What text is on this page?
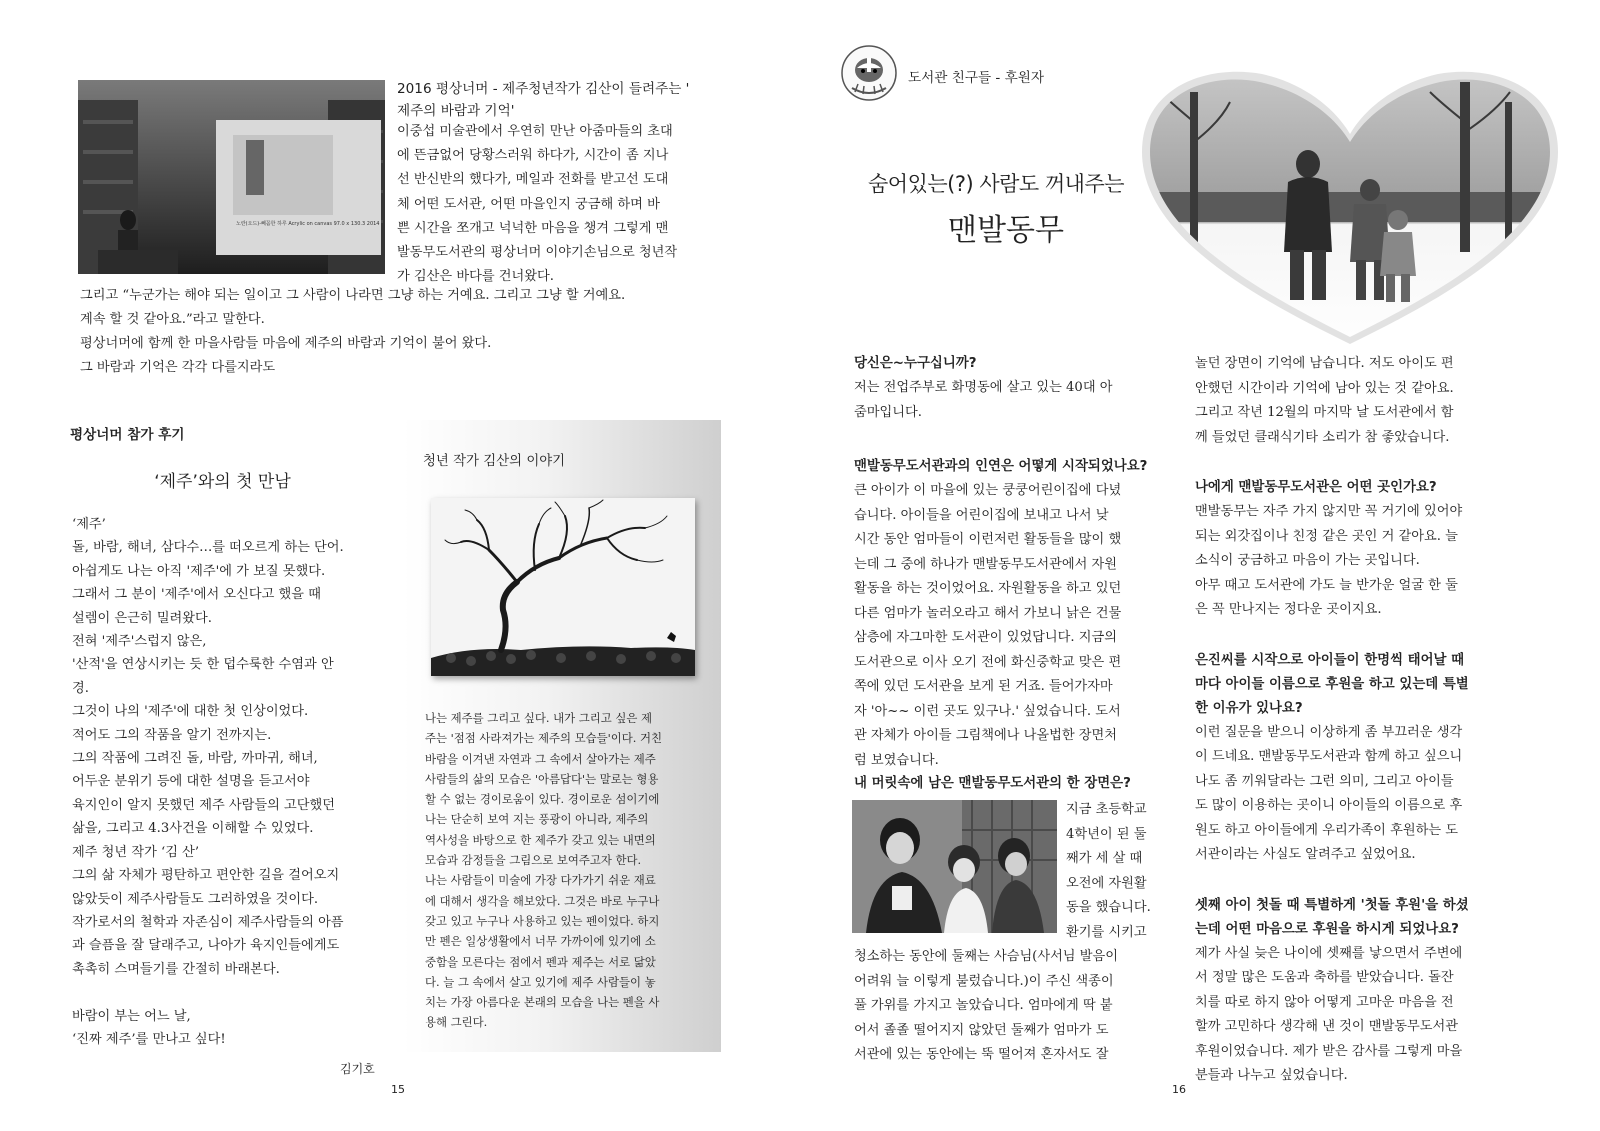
노란(오드)-빼꼼한 하루 Acrylic on canvas 97.0 x 130.3 2014

2016 평상너머 - 제주청년작가 김산이 들려주는 '

제주의 바람과 기억'

이중섭 미술관에서 우연히 만난 아줌마들의 초대

에 뜬금없어 당황스러워 하다가, 시간이 좀 지나

선 반신반의 했다가, 메일과 전화를 받고선 도대

체 어떤 도서관, 어떤 마을인지 궁금해 하며 바

쁜 시간을 쪼개고 넉넉한 마음을 챙겨 그렇게 맨

발동무도서관의 평상너머 이야기손님으로 청년작

가 김산은 바다를 건너왔다.

그리고 “누군가는 해야 되는 일이고 그 사람이 나라면 그냥 하는 거예요. 그리고 그냥 할 거예요.

계속 할 것 같아요.”라고 말한다.

평상너머에 함께 한 마을사람들 마음에 제주의 바람과 기억이 불어 왔다.

그 바람과 기억은 각각 다를지라도

평상너머 참가 후기
‘제주’와의 첫 만남

‘제주’

돌, 바람, 해녀, 삼다수…를 떠오르게 하는 단어.

아쉽게도 나는 아직 '제주'에 가 보질 못했다.

그래서 그 분이 '제주'에서 오신다고 했을 때

설렘이 은근히 밀려왔다.

전혀 '제주'스럽지 않은,

'산적'을 연상시키는 듯 한 덥수룩한 수염과 안

경.

그것이 나의 '제주'에 대한 첫 인상이었다.

적어도 그의 작품을 알기 전까지는.

그의 작품에 그려진 돌, 바람, 까마귀, 해녀,

어두운 분위기 등에 대한 설명을 듣고서야

육지인이 알지 못했던 제주 사람들의 고단했던

삶을, 그리고 4.3사건을 이해할 수 있었다.

제주 청년 작가 ‘김 산’

그의 삶 자체가 평탄하고 편안한 길을 걸어오지

않았듯이 제주사람들도 그러하였을 것이다.

작가로서의 철학과 자존심이 제주사람들의 아픔

과 슬픔을 잘 달래주고, 나아가 육지인들에게도

촉촉히 스며들기를 간절히 바래본다.

바람이 부는 어느 날,

‘진짜 제주’를 만나고 싶다!

김기호
청년 작가 김산의 이야기

나는 제주를 그리고 싶다. 내가 그리고 싶은 제

주는 '점점 사라져가는 제주의 모습들'이다. 거친

바람을 이겨낸 자연과 그 속에서 살아가는 제주

사람들의 삶의 모습은 '아름답다'는 말로는 형용

할 수 없는 경이로움이 있다. 경이로운 섬이기에

나는 단순히 보여 지는 풍광이 아니라, 제주의

역사성을 바탕으로 한 제주가 갖고 있는 내면의

모습과 감정들을 그림으로 보여주고자 한다.

나는 사람들이 미술에 가장 다가가기 쉬운 재료

에 대해서 생각을 해보았다. 그것은 바로 누구나

갖고 있고 누구나 사용하고 있는 펜이었다. 하지

만 펜은 일상생활에서 너무 가까이에 있기에 소

중함을 모른다는 점에서 펜과 제주는 서로 닮았

다. 늘 그 속에서 살고 있기에 제주 사람들이 놓

치는 가장 아름다운 본래의 모습을 나는 펜을 사

용해 그린다.

15
도서관 친구들 - 후원자
숨어있는(?) 사람도 꺼내주는
맨발동무

당신은~누구십니까?

저는 전업주부로 화명동에 살고 있는 40대 아

줌마입니다.

맨발동무도서관과의 인연은 어떻게 시작되었나요?

큰 아이가 이 마을에 있는 쿵쿵어린이집에 다녔

습니다. 아이들을 어린이집에 보내고 나서 낮

시간 동안 엄마들이 이런저런 활동들을 많이 했

는데 그 중에 하나가 맨발동무도서관에서 자원

활동을 하는 것이었어요. 자원활동을 하고 있던

다른 엄마가 놀러오라고 해서 가보니 낡은 건물

삼층에 자그마한 도서관이 있었답니다. 지금의

도서관으로 이사 오기 전에 화신중학교 맞은 편

쪽에 있던 도서관을 보게 된 거죠. 들어가자마

자 '아~~ 이런 곳도 있구나.' 싶었습니다. 도서

관 자체가 아이들 그림책에나 나올법한 장면처

럼 보였습니다.

내 머릿속에 남은 맨발동무도서관의 한 장면은?

지금 초등학교

4학년이 된 둘

째가 세 살 때

오전에 자원활

동을 했습니다.

환기를 시키고

청소하는 동안에 둘째는 사슴님(사서님 발음이

어려워 늘 이렇게 불렀습니다.)이 주신 색종이

풀 가위를 가지고 놀았습니다. 엄마에게 딱 붙

어서 졸졸 떨어지지 않았던 둘째가 엄마가 도

서관에 있는 동안에는 뚝 떨어져 혼자서도 잘

놀던 장면이 기억에 남습니다. 저도 아이도 편

안했던 시간이라 기억에 남아 있는 것 같아요.

그리고 작년 12월의 마지막 날 도서관에서 함

께 들었던 클래식기타 소리가 참 좋았습니다.

나에게 맨발동무도서관은 어떤 곳인가요?

맨발동무는 자주 가지 않지만 꼭 거기에 있어야

되는 외갓집이나 친정 같은 곳인 거 같아요. 늘

소식이 궁금하고 마음이 가는 곳입니다.

아무 때고 도서관에 가도 늘 반가운 얼굴 한 둘

은 꼭 만나지는 정다운 곳이지요.

은진씨를 시작으로 아이들이 한명씩 태어날 때

마다 아이들 이름으로 후원을 하고 있는데 특별

한 이유가 있나요?

이런 질문을 받으니 이상하게 좀 부끄러운 생각

이 드네요. 맨발동무도서관과 함께 하고 싶으니

나도 좀 끼워달라는 그런 의미, 그리고 아이들

도 많이 이용하는 곳이니 아이들의 이름으로 후

원도 하고 아이들에게 우리가족이 후원하는 도

서관이라는 사실도 알려주고 싶었어요.

셋째 아이 첫돌 때 특별하게 '첫돌 후원'을 하셨

는데 어떤 마음으로 후원을 하시게 되었나요?

제가 사실 늦은 나이에 셋째를 낳으면서 주변에

서 정말 많은 도움과 축하를 받았습니다. 돌잔

치를 따로 하지 않아 어떻게 고마운 마음을 전

할까 고민하다 생각해 낸 것이 맨발동무도서관

후원이었습니다. 제가 받은 감사를 그렇게 마을

분들과 나누고 싶었습니다.

16
